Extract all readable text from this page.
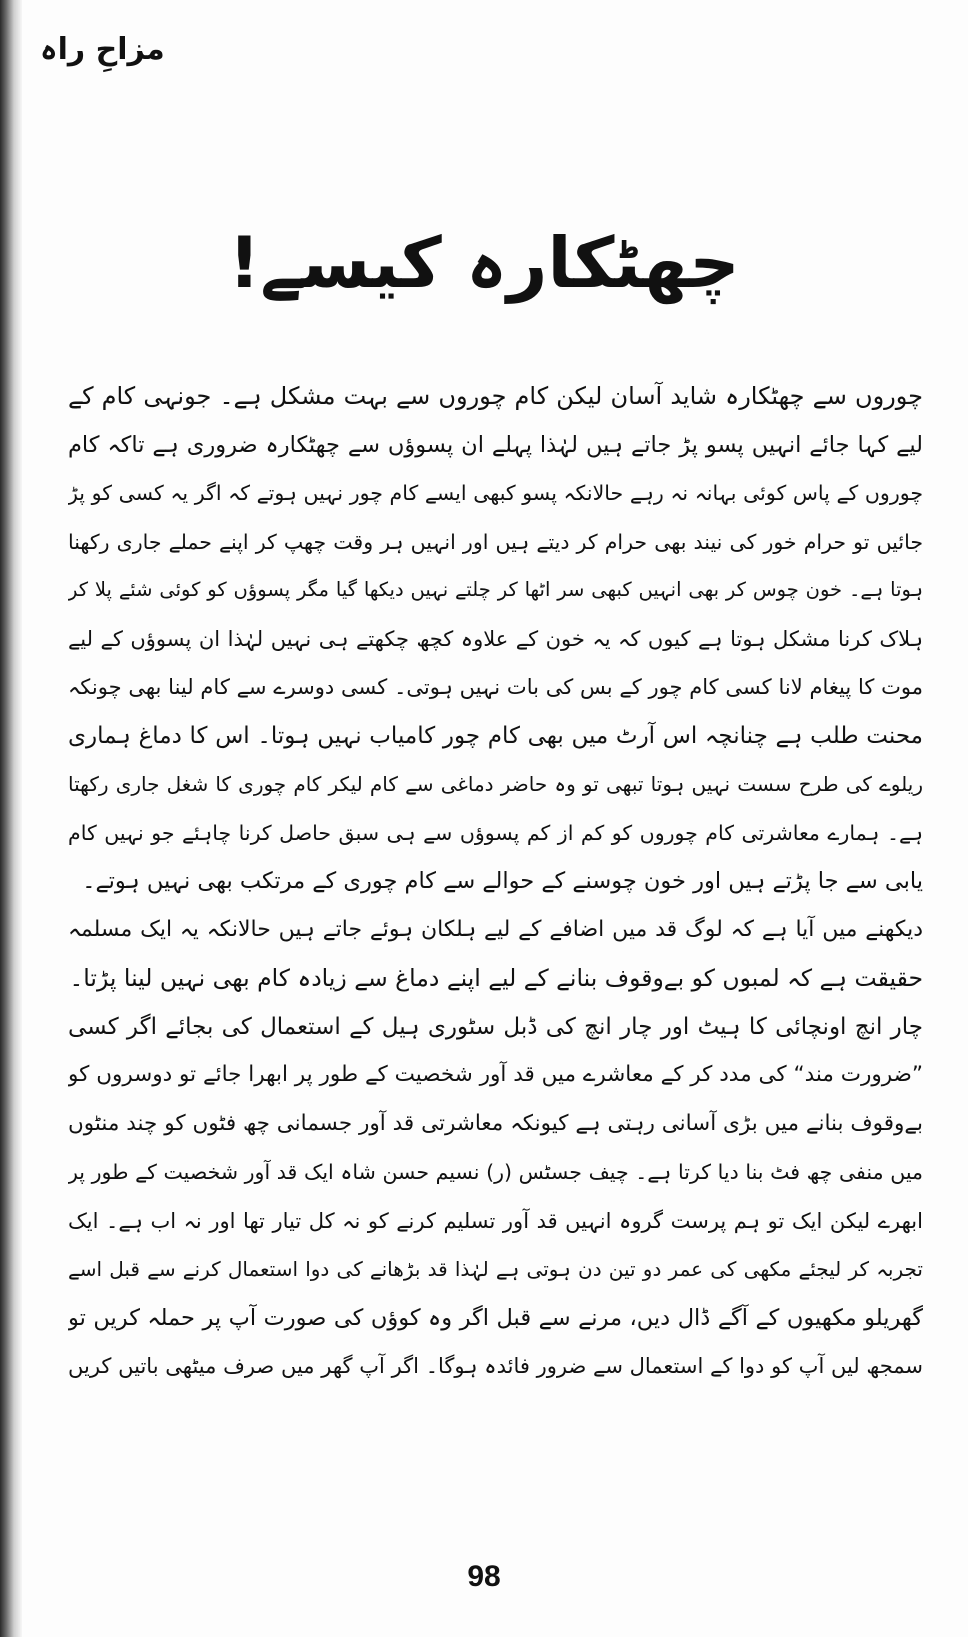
مزاحِ راہ
چھٹکارہ کیسے!
چوروں سے چھٹکارہ شاید آسان لیکن کام چوروں سے بہت مشکل ہے۔ جونہی کام کے
لیے کہا جائے انہیں پسو پڑ جاتے ہیں لہٰذا پہلے ان پسوؤں سے چھٹکارہ ضروری ہے تاکہ کام
چوروں کے پاس کوئی بہانہ نہ رہے حالانکہ پسو کبھی ایسے کام چور نہیں ہوتے کہ اگر یہ کسی کو پڑ
جائیں تو حرام خور کی نیند بھی حرام کر دیتے ہیں اور انہیں ہر وقت چھپ کر اپنے حملے جاری رکھنا
ہوتا ہے۔ خون چوس کر بھی انہیں کبھی سر اٹھا کر چلتے نہیں دیکھا گیا مگر پسوؤں کو کوئی شئے پلا کر
ہلاک کرنا مشکل ہوتا ہے کیوں کہ یہ خون کے علاوہ کچھ چکھتے ہی نہیں لہٰذا ان پسوؤں کے لیے
موت کا پیغام لانا کسی کام چور کے بس کی بات نہیں ہوتی۔ کسی دوسرے سے کام لینا بھی چونکہ
محنت طلب ہے چنانچہ اس آرٹ میں بھی کام چور کامیاب نہیں ہوتا۔ اس کا دماغ ہماری
ریلوے کی طرح سست نہیں ہوتا تبھی تو وہ حاضر دماغی سے کام لیکر کام چوری کا شغل جاری رکھتا
ہے۔ ہمارے معاشرتی کام چوروں کو کم از کم پسوؤں سے ہی سبق حاصل کرنا چاہئے جو نہیں کام
یابی سے جا پڑتے ہیں اور خون چوسنے کے حوالے سے کام چوری کے مرتکب بھی نہیں ہوتے۔
دیکھنے میں آیا ہے کہ لوگ قد میں اضافے کے لیے ہلکان ہوئے جاتے ہیں حالانکہ یہ ایک مسلمہ
حقیقت ہے کہ لمبوں کو بےوقوف بنانے کے لیے اپنے دماغ سے زیادہ کام بھی نہیں لینا پڑتا۔
چار انچ اونچائی کا ہیٹ اور چار انچ کی ڈبل سٹوری ہیل کے استعمال کی بجائے اگر کسی
”ضرورت مند“ کی مدد کر کے معاشرے میں قد آور شخصیت کے طور پر ابھرا جائے تو دوسروں کو
بےوقوف بنانے میں بڑی آسانی رہتی ہے کیونکہ معاشرتی قد آور جسمانی چھ فٹوں کو چند منٹوں
میں منفی چھ فٹ بنا دیا کرتا ہے۔ چیف جسٹس (ر) نسیم حسن شاہ ایک قد آور شخصیت کے طور پر
ابھرے لیکن ایک تو ہم پرست گروہ انہیں قد آور تسلیم کرنے کو نہ کل تیار تھا اور نہ اب ہے۔ ایک
تجربہ کر لیجئے مکھی کی عمر دو تین دن ہوتی ہے لہٰذا قد بڑھانے کی دوا استعمال کرنے سے قبل اسے
گھریلو مکھیوں کے آگے ڈال دیں، مرنے سے قبل اگر وہ کوؤں کی صورت آپ پر حملہ کریں تو
سمجھ لیں آپ کو دوا کے استعمال سے ضرور فائدہ ہوگا۔ اگر آپ گھر میں صرف میٹھی باتیں کریں
98
